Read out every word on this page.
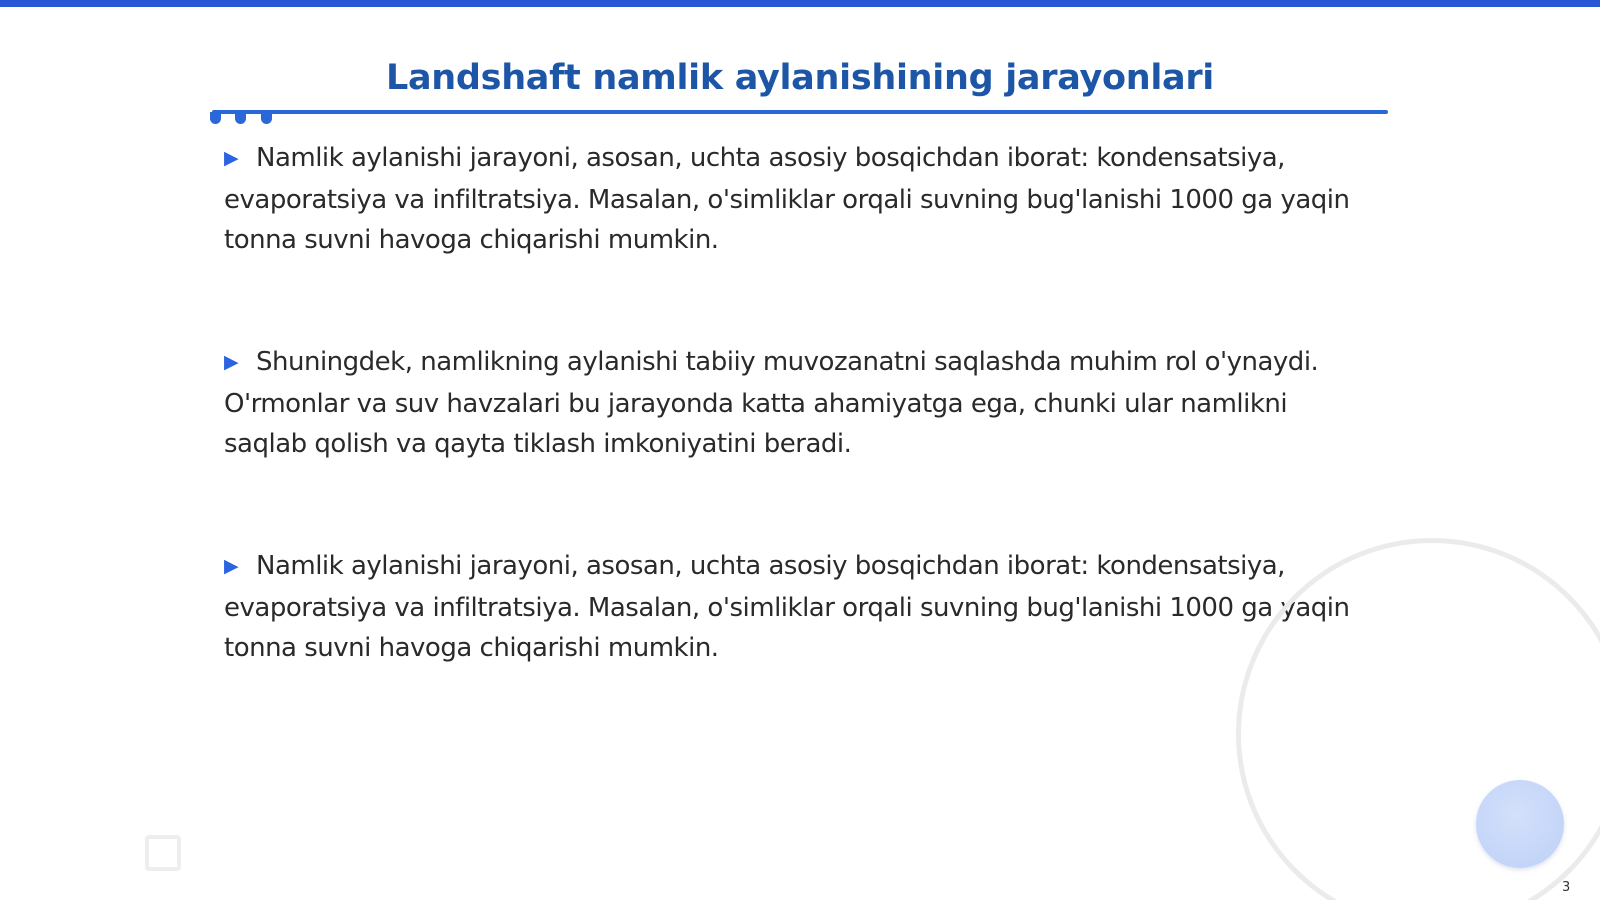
Landshaft namlik aylanishining jarayonlari

▶ Namlik aylanishi jarayoni, asosan, uchta asosiy bosqichdan iborat: kondensatsiya, evaporatsiya va infiltratsiya. Masalan, o'simliklar orqali suvning bug'lanishi 1000 ga yaqin tonna suvni havoga chiqarishi mumkin.

▶ Shuningdek, namlikning aylanishi tabiiy muvozanatni saqlashda muhim rol o'ynaydi. O'rmonlar va suv havzalari bu jarayonda katta ahamiyatga ega, chunki ular namlikni saqlab qolish va qayta tiklash imkoniyatini beradi.

▶ Namlik aylanishi jarayoni, asosan, uchta asosiy bosqichdan iborat: kondensatsiya, evaporatsiya va infiltratsiya. Masalan, o'simliklar orqali suvning bug'lanishi 1000 ga yaqin tonna suvni havoga chiqarishi mumkin.

3
